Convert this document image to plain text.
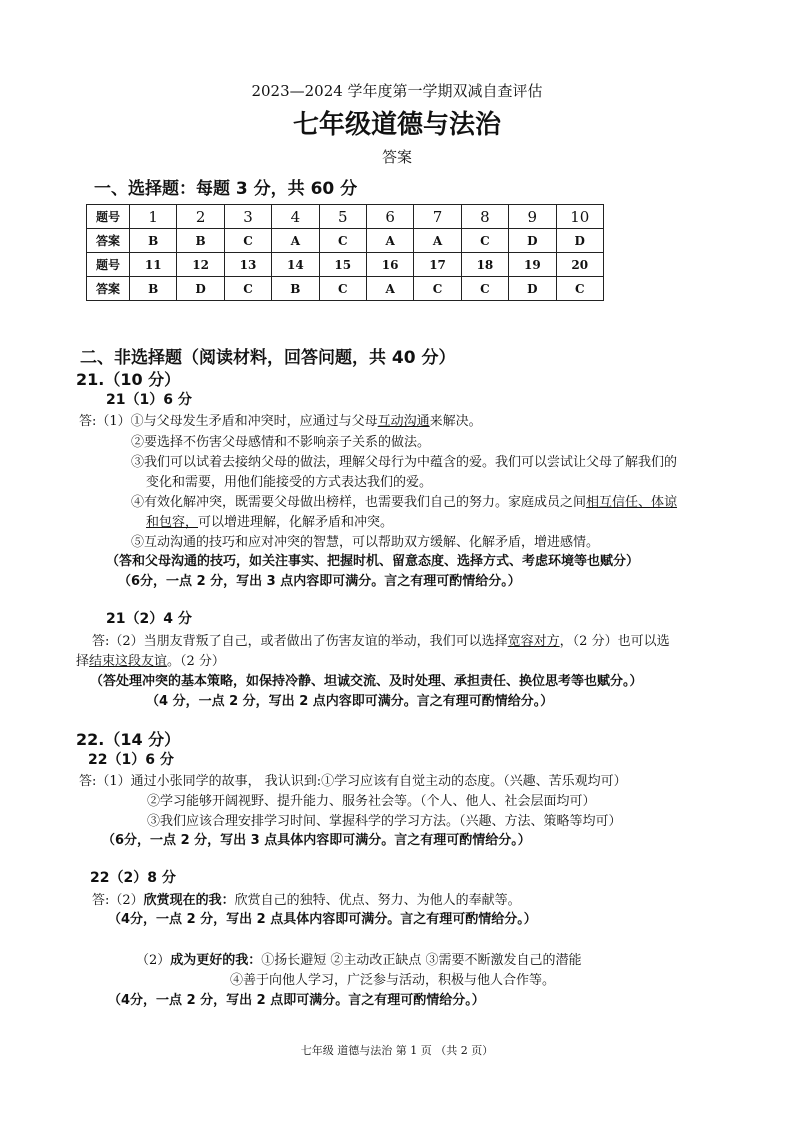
2023—2024 学年度第一学期双减自查评估
七年级道德与法治
答案
一、选择题：每题 3 分，共 60 分
题号	1	2	3	4	5	6	7	8	9	10
答案	B	B	C	A	C	A	A	C	D	D
题号	11	12	13	14	15	16	17	18	19	20
答案	B	D	C	B	C	A	C	C	D	C
二、非选择题（阅读材料，回答问题，共 40 分）
21.（10 分）
21（1）6 分
答:（1）①与父母发生矛盾和冲突时，应通过与父母互动沟通来解决。
②要选择不伤害父母感情和不影响亲子关系的做法。
③我们可以试着去接纳父母的做法，理解父母行为中蕴含的爱。我们可以尝试让父母了解我们的
变化和需要，用他们能接受的方式表达我们的爱。
④有效化解冲突，既需要父母做出榜样，也需要我们自己的努力。家庭成员之间相互信任、体谅
和包容，可以增进理解，化解矛盾和冲突。
⑤互动沟通的技巧和应对冲突的智慧，可以帮助双方缓解、化解矛盾，增进感情。
（答和父母沟通的技巧，如关注事实、把握时机、留意态度、选择方式、考虑环境等也赋分）
（6分，一点 2 分，写出 3 点内容即可满分。言之有理可酌情给分。）
21（2）4 分
答:（2）当朋友背叛了自己，或者做出了伤害友谊的举动，我们可以选择宽容对方，（2 分）也可以选
择结束这段友谊。（2 分）
（答处理冲突的基本策略，如保持冷静、坦诚交流、及时处理、承担责任、换位思考等也赋分。）
（4 分，一点 2 分，写出 2 点内容即可满分。言之有理可酌情给分。）
22.（14 分）
22（1）6 分
答:（1）通过小张同学的故事， 我认识到:①学习应该有自觉主动的态度。（兴趣、苦乐观均可）
②学习能够开阔视野、提升能力、服务社会等。（个人、他人、社会层面均可）
③我们应该合理安排学习时间、掌握科学的学习方法。（兴趣、方法、策略等均可）
（6分，一点 2 分，写出 3 点具体内容即可满分。言之有理可酌情给分。）
22（2）8 分
答:（2）欣赏现在的我：欣赏自己的独特、优点、努力、为他人的奉献等。
（4分，一点 2 分，写出 2 点具体内容即可满分。言之有理可酌情给分。）
（2）成为更好的我：①扬长避短 ②主动改正缺点 ③需要不断激发自己的潜能
④善于向他人学习，广泛参与活动，积极与他人合作等。
（4分，一点 2 分，写出 2 点即可满分。言之有理可酌情给分。）
七年级 道德与法治 第 1 页 （共 2 页）
